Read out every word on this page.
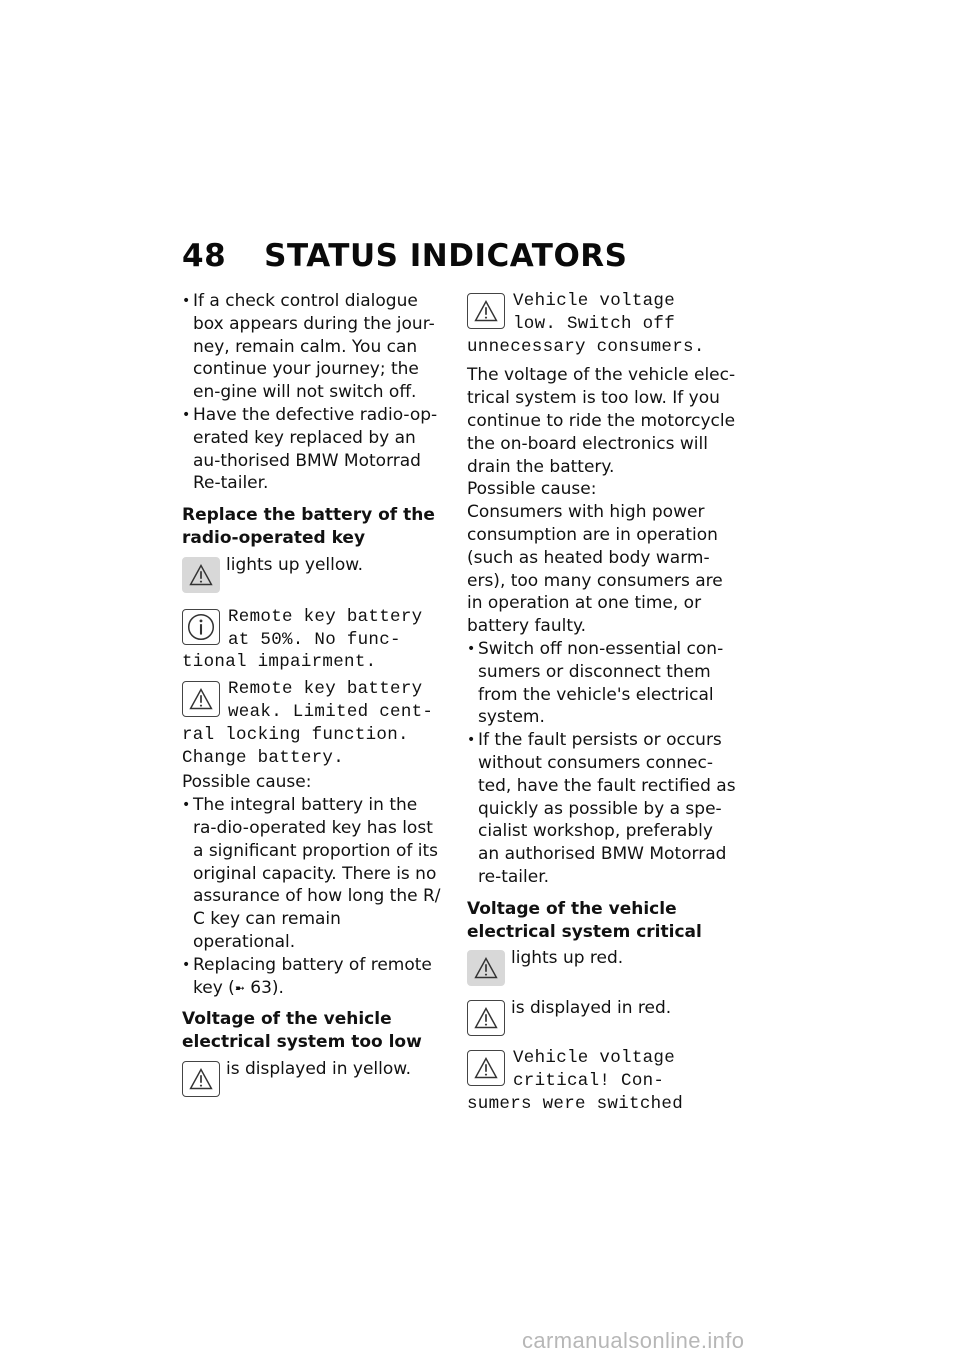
48 STATUS INDICATORS
• If a check control dialogue box appears during the jour-ney, remain calm. You can continue your journey; the en-gine will not switch off.
• Have the defective radio-op-erated key replaced by an au-thorised BMW Motorrad Re-tailer.
Replace the battery of the radio-operated key
lights up yellow.
Remote key battery
at 50%. No func-
tional impairment.
Remote key battery
weak. Limited cent-
ral locking function.
Change battery.
Possible cause:
• The integral battery in the ra-dio-operated key has lost a significant proportion of its original capacity. There is no assurance of how long the R/ C key can remain operational.
• Replacing battery of remote key (➼ 63).
Voltage of the vehicle electrical system too low
is displayed in yellow.
Vehicle voltage
low. Switch off
unnecessary consumers.
The voltage of the vehicle elec-trical system is too low. If you continue to ride the motorcycle the on-board electronics will drain the battery.
Possible cause:
Consumers with high power consumption are in operation (such as heated body warm-ers), too many consumers are in operation at one time, or battery faulty.
• Switch off non-essential con-sumers or disconnect them from the vehicle's electrical system.
• If the fault persists or occurs without consumers connec-ted, have the fault rectified as quickly as possible by a spe-cialist workshop, preferably an authorised BMW Motorrad re-tailer.
Voltage of the vehicle electrical system critical
lights up red.
is displayed in red.
Vehicle voltage
critical! Con-
sumers were switched
carmanualsonline.info
